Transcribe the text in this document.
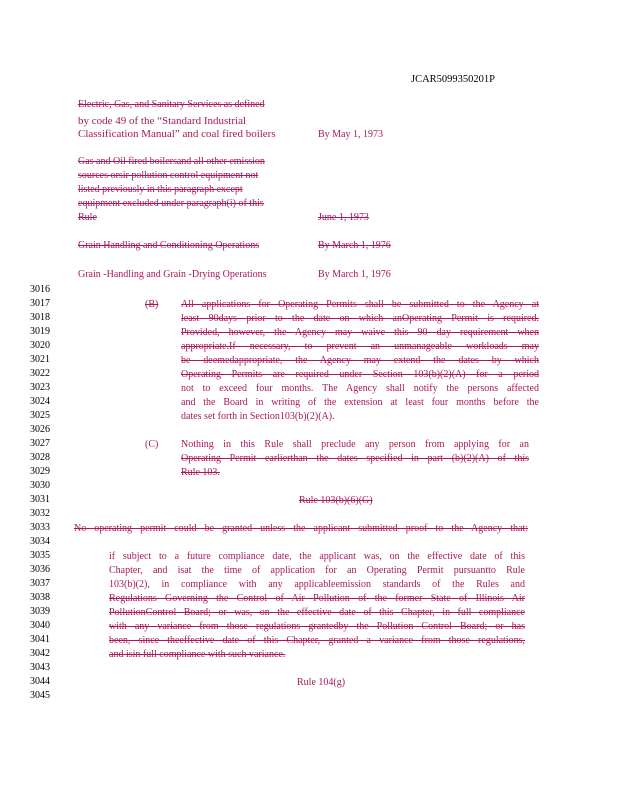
JCAR5099350201P
Electric, Gas, and Sanitary Services as defined
by code 49 of the “Standard Industrial
Classification Manual” and coal fired boilers	By May 1, 1973
Gas and Oil fired boilersand all other emission
sources orsir pollution control equipment not
listed previously in this paragraph except
equipment excluded under paragraph(i) of this
Rule	June 1, 1973
Grain Handling and Conditioning Operations	By March 1, 1976
Grain -Handling and Grain -Drying Operations	By March 1, 1976
3016
3017
3018
3019
3020
3021
3022
3023
3024
3025
3026
3027
3028
3029
3030
3031
3032
3033
3034
3035
3036
3037
3038
3039
3040
3041
3042
3043
3044
3045
(B) All applications for Operating Permits shall be submitted to the Agency at
least 90days prior to the date on which anOperating Permit is required.
Provided, however, the Agency may waive this 90 day requirement when
appropriate.If necessary, to prevent an unmanageable workloads may
be deemedappropriate, the Agency may extend the dates by which
Operating Permits are required under Section 103(b)(2)(A) for a period
not to exceed four months. The Agency shall notify the persons affected
and the Board in writing of the extension at least four months before the
dates set forth in Section103(b)(2)(A).
(C) Nothing in this Rule shall preclude any person from applying for an
Operating Permit earlierthan the dates specified in part (b)(2)(A) of this
Rule 103.
Rule 103(b)(6)(G)
No operating permit could be granted unless the applicant submitted proof to the Agency that:
if subject to a future compliance date, the applicant was, on the effective date of this
Chapter, and isat the time of application for an Operating Permit pursuantto Rule
103(b)(2), in compliance with any applicableemission standards of the Rules and
Regulations Governing the Control of Air Pollution of the former State of Illinois Air
PollutionControl Board; or was, on the effective date of this Chapter, in full compliance
with any variance from those regulations grantedby the Pollution Control Board; or has
been, since theeffective date of this Chapter, granted a variance from those regulations,
and isin full compliance with such variance.
Rule 104(g)
